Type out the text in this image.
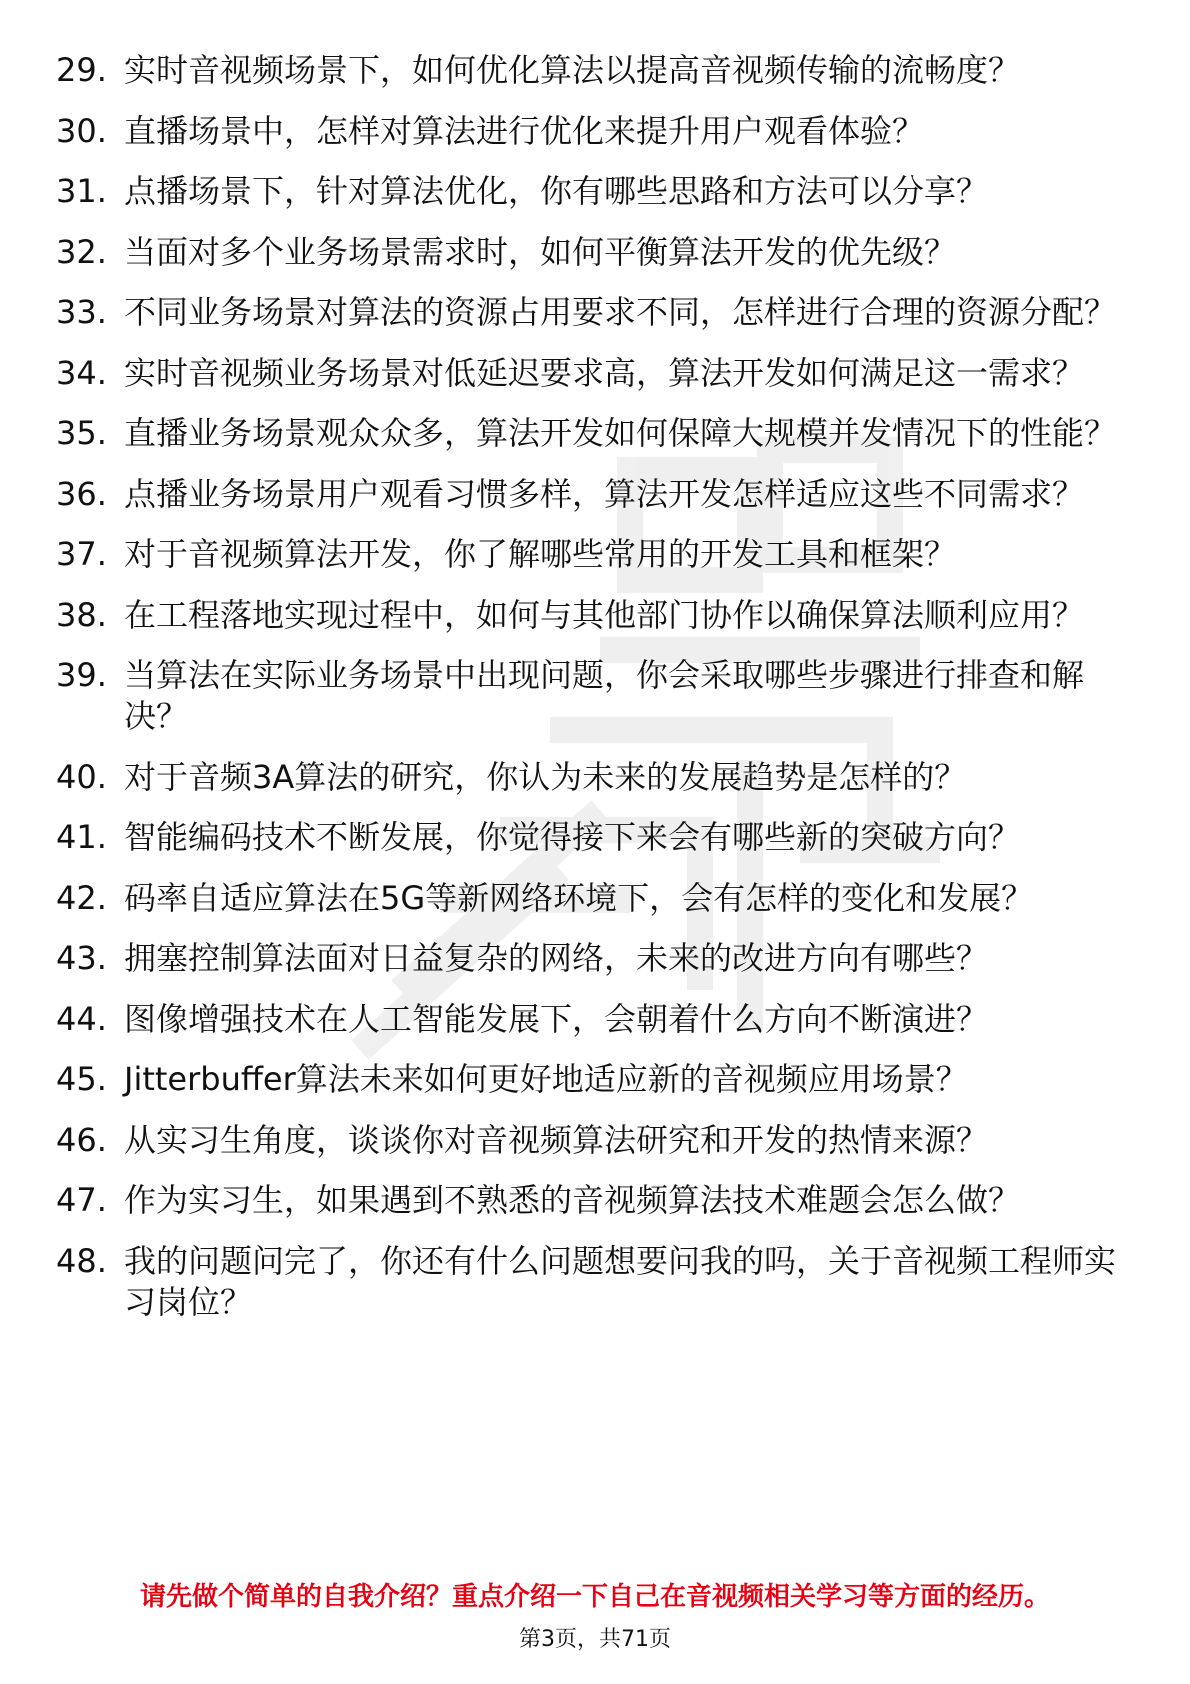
29. 实时音视频场景下，如何优化算法以提高音视频传输的流畅度？
30. 直播场景中，怎样对算法进行优化来提升用户观看体验？
31. 点播场景下，针对算法优化，你有哪些思路和方法可以分享？
32. 当面对多个业务场景需求时，如何平衡算法开发的优先级？
33. 不同业务场景对算法的资源占用要求不同，怎样进行合理的资源分配？
34. 实时音视频业务场景对低延迟要求高，算法开发如何满足这一需求？
35. 直播业务场景观众众多，算法开发如何保障大规模并发情况下的性能？
36. 点播业务场景用户观看习惯多样，算法开发怎样适应这些不同需求？
37. 对于音视频算法开发，你了解哪些常用的开发工具和框架？
38. 在工程落地实现过程中，如何与其他部门协作以确保算法顺利应用？
39. 当算法在实际业务场景中出现问题，你会采取哪些步骤进行排查和解决？
40. 对于音频3A算法的研究，你认为未来的发展趋势是怎样的？
41. 智能编码技术不断发展，你觉得接下来会有哪些新的突破方向？
42. 码率自适应算法在5G等新网络环境下，会有怎样的变化和发展？
43. 拥塞控制算法面对日益复杂的网络，未来的改进方向有哪些？
44. 图像增强技术在人工智能发展下，会朝着什么方向不断演进？
45. Jitterbuffer算法未来如何更好地适应新的音视频应用场景？
46. 从实习生角度，谈谈你对音视频算法研究和开发的热情来源？
47. 作为实习生，如果遇到不熟悉的音视频算法技术难题会怎么做？
48. 我的问题问完了，你还有什么问题想要问我的吗，关于音视频工程师实习岗位？
请先做个简单的自我介绍？重点介绍一下自己在音视频相关学习等方面的经历。
第3页，共71页
